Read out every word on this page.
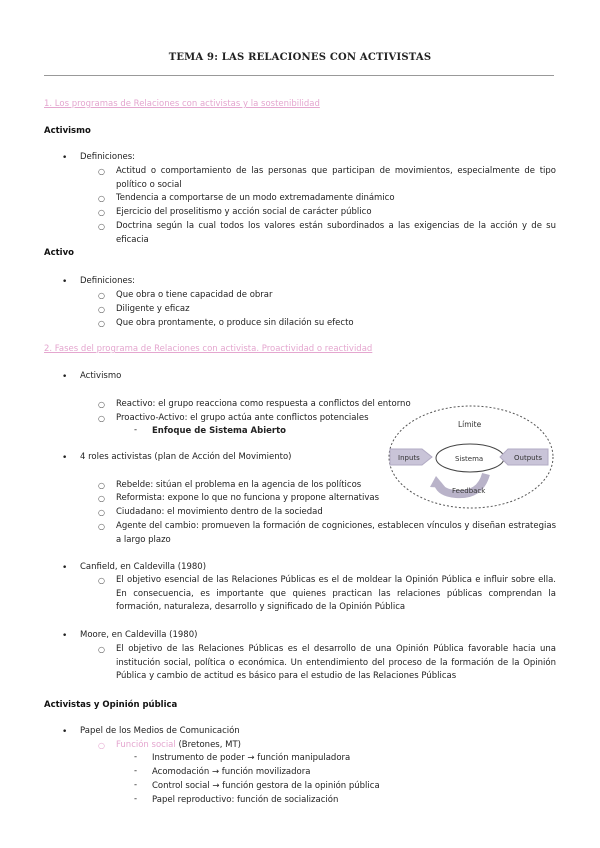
TEMA 9: LAS RELACIONES CON ACTIVISTAS
1. Los programas de Relaciones con activistas y la sostenibilidad
Activismo
• Definiciones:
○ Actitud o comportamiento de las personas que participan de movimientos, especialmente de tipo político o social
○ Tendencia a comportarse de un modo extremadamente dinámico
○ Ejercicio del proselitismo y acción social de carácter público
○ Doctrina según la cual todos los valores están subordinados a las exigencias de la acción y de su eficacia
Activo
• Definiciones:
○ Que obra o tiene capacidad de obrar
○ Diligente y eficaz
○ Que obra prontamente, o produce sin dilación su efecto
2. Fases del programa de Relaciones con activista. Proactividad o reactividad
• Activismo
○ Reactivo: el grupo reacciona como respuesta a conflictos del entorno
○ Proactivo-Activo: el grupo actúa ante conflictos potenciales
- Enfoque de Sistema Abierto
Límite
Sistema
Inputs	Outputs
Feedback
• 4 roles activistas (plan de Acción del Movimiento)
○ Rebelde: sitúan el problema en la agencia de los políticos
○ Reformista: expone lo que no funciona y propone alternativas
○ Ciudadano: el movimiento dentro de la sociedad
○ Agente del cambio: promueven la formación de cogniciones, establecen vínculos y diseñan estrategias a largo plazo
• Canfield, en Caldevilla (1980)
○ El objetivo esencial de las Relaciones Públicas es el de moldear la Opinión Pública e influir sobre ella. En consecuencia, es importante que quienes practican las relaciones públicas comprendan la formación, naturaleza, desarrollo y significado de la Opinión Pública
• Moore, en Caldevilla (1980)
○ El objetivo de las Relaciones Públicas es el desarrollo de una Opinión Pública favorable hacia una institución social, política o económica. Un entendimiento del proceso de la formación de la Opinión Pública y cambio de actitud es básico para el estudio de las Relaciones Públicas
Activistas y Opinión pública
• Papel de los Medios de Comunicación
○ Función social (Bretones, MT)
- Instrumento de poder → función manipuladora
- Acomodación → función movilizadora
- Control social → función gestora de la opinión pública
- Papel reproductivo: función de socialización
